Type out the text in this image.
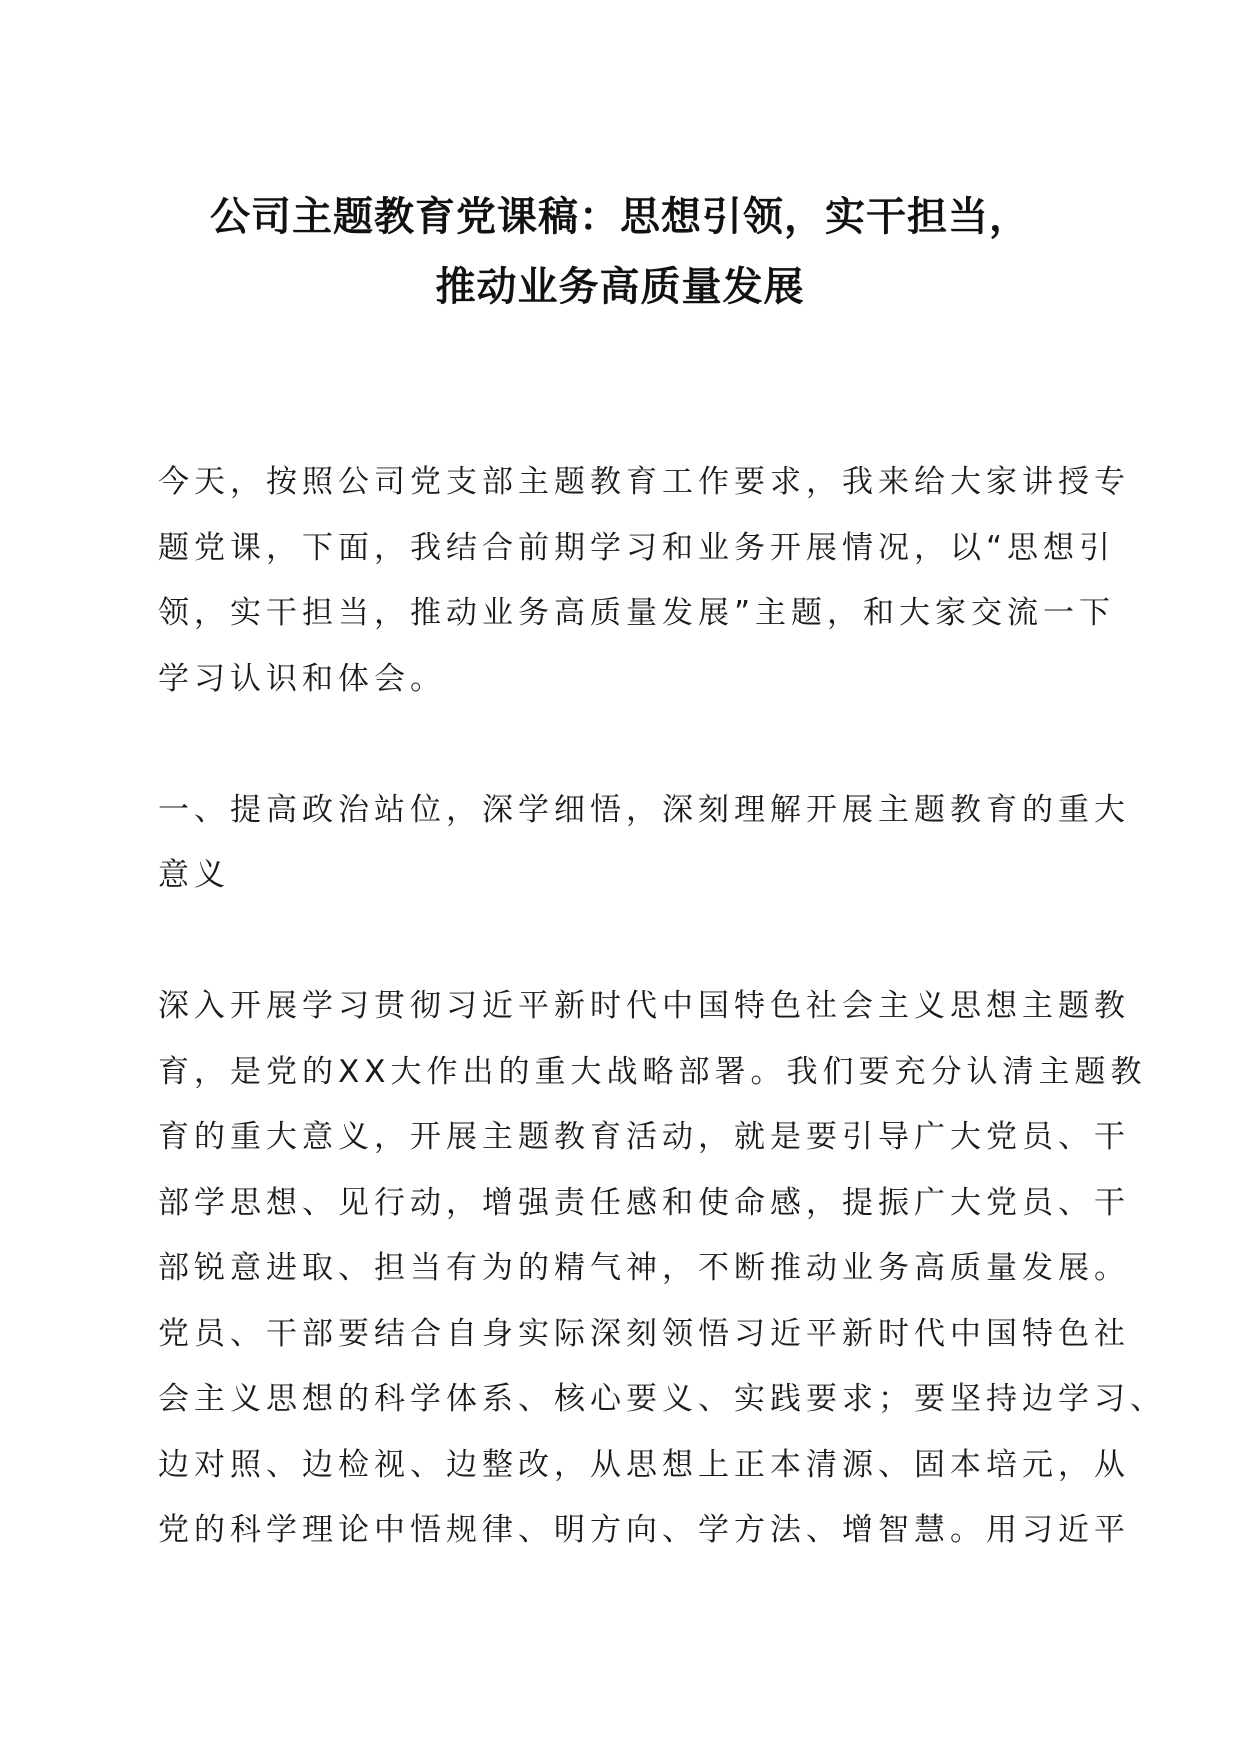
公司主题教育党课稿：思想引领，实干担当，
推动业务高质量发展
今天，按照公司党支部主题教育工作要求，我来给大家讲授专
题党课，下面，我结合前期学习和业务开展情况，以“思想引
领，实干担当，推动业务高质量发展”主题，和大家交流一下
学习认识和体会。
一、提高政治站位，深学细悟，深刻理解开展主题教育的重大
意义
深入开展学习贯彻习近平新时代中国特色社会主义思想主题教
育，是党的XX大作出的重大战略部署。我们要充分认清主题教
育的重大意义，开展主题教育活动，就是要引导广大党员、干
部学思想、见行动，增强责任感和使命感，提振广大党员、干
部锐意进取、担当有为的精气神，不断推动业务高质量发展。
党员、干部要结合自身实际深刻领悟习近平新时代中国特色社
会主义思想的科学体系、核心要义、实践要求；要坚持边学习、
边对照、边检视、边整改，从思想上正本清源、固本培元，从
党的科学理论中悟规律、明方向、学方法、增智慧。用习近平
